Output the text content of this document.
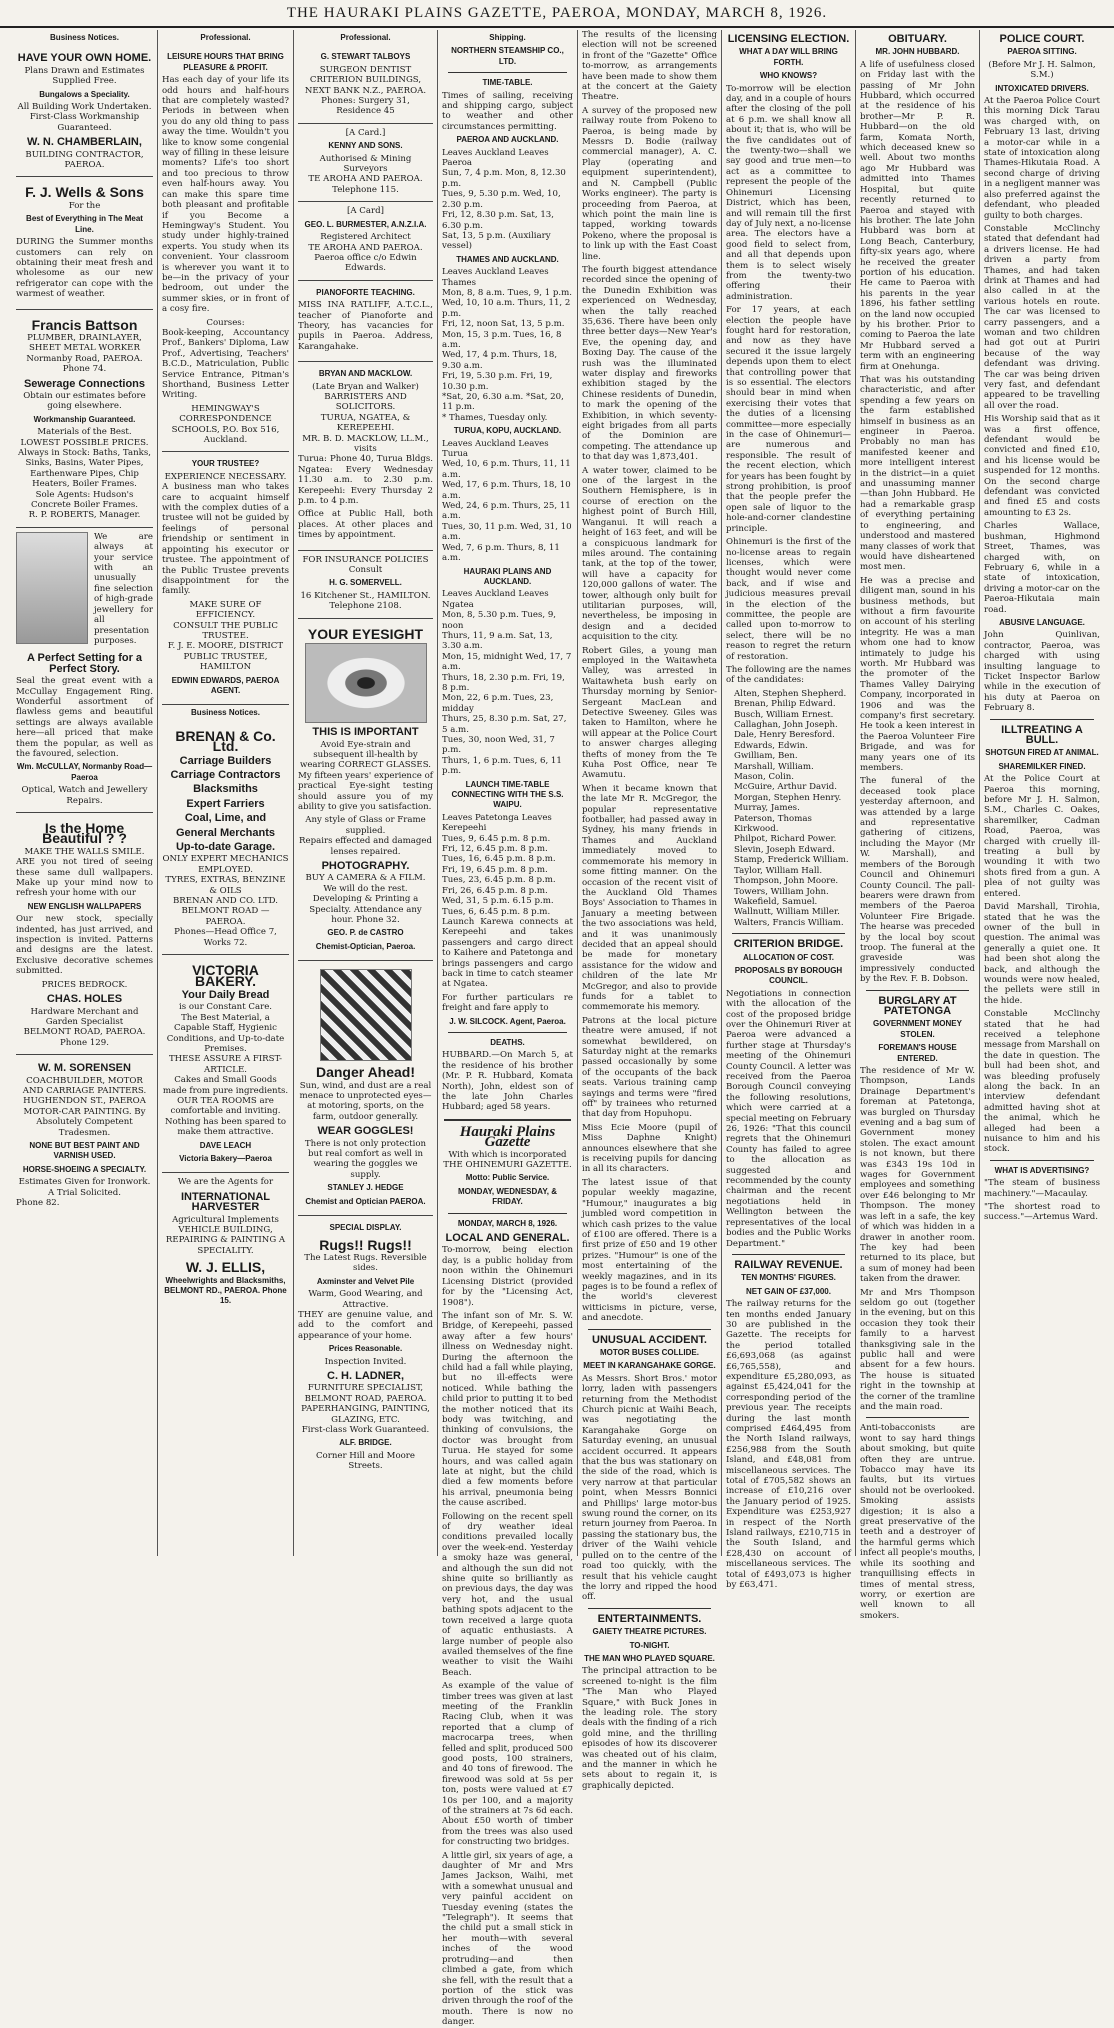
THE HAURAKI PLAINS GAZETTE, PAEROA, MONDAY, MARCH 8, 1926.
Business Notices.
HAVE YOUR OWN HOME.
Plans Drawn and Estimates Supplied Free.
Bungalows a Speciality.
All Building Work Undertaken.
First-Class Workmanship Guaranteed.
W. N. CHAMBERLAIN,
BUILDING CONTRACTOR, PAEROA.
F. J. Wells & Sons
For the
Best of Everything in The Meat Line.

DURING the Summer months customers can rely on obtaining their meat fresh and wholesome as our new refrigerator can cope with the warmest of weather.

Francis Battson
PLUMBER, DRAINLAYER, SHEET METAL WORKER
Normanby Road, PAEROA.
Phone 74.
Sewerage Connections
Obtain our estimates before going elsewhere.
Workmanship Guaranteed.
Materials of the Best.
LOWEST POSSIBLE PRICES.
Always in Stock: Baths, Tanks, Sinks, Basins, Water Pipes, Earthenware Pipes, Chip Heaters, Boiler Frames.
Sole Agents: Hudson's Concrete Boiler Frames.
R. P. ROBERTS, Manager.

We are always at your service with an unusually fine selection of high-grade jewellery for all presentation purposes.

A Perfect Setting for a Perfect Story.

Seal the great event with a McCullay Engagement Ring. Wonderful assortment of flawless gems and beautiful settings are always available here—all priced that make them the popular, as well as the favoured, selection.

Wm. McCULLAY, Normanby Road—Paeroa
Optical, Watch and Jewellery Repairs.
Is the Home Beautiful ? ?
MAKE THE WALLS SMILE.

ARE you not tired of seeing these same dull wallpapers. Make up your mind now to refresh your home with our

NEW ENGLISH WALLPAPERS

Our new stock, specially indented, has just arrived, and inspection is invited. Patterns and designs are the latest. Exclusive decorative schemes submitted.

PRICES BEDROCK.
CHAS. HOLES
Hardware Merchant and Garden Specialist
BELMONT ROAD, PAEROA. Phone 129.
W. M. SORENSEN
COACHBUILDER, MOTOR AND CARRIAGE PAINTERS. HUGHENDON ST., PAEROA
MOTOR-CAR PAINTING. By Absolutely Competent Tradesmen.
NONE BUT BEST PAINT AND VARNISH USED.
HORSE-SHOEING A SPECIALTY.
Estimates Given for Ironwork.
A Trial Solicited.
Phone 82.
Professional.
LEISURE HOURS THAT BRING PLEASURE & PROFIT.

Has each day of your life its odd hours and half-hours that are completely wasted? Periods in between when you do any old thing to pass away the time. Wouldn't you like to know some congenial way of filling in these leisure moments? Life's too short and too precious to throw even half-hours away. You can make this spare time both pleasant and profitable if you Become a Hemingway's Student. You study under highly-trained experts. You study when its convenient. Your classroom is wherever you want it to be—in the privacy of your bedroom, out under the summer skies, or in front of a cosy fire.

Courses:

Book-keeping, Accountancy Prof., Bankers' Diploma, Law Prof., Advertising, Teachers' B.C.D., Matriculation, Public Service Entrance, Pitman's Shorthand, Business Letter Writing.

HEMINGWAY'S CORRESPONDENCE SCHOOLS, P.O. Box 516, Auckland.
YOUR TRUSTEE?
EXPERIENCE NECESSARY.

A business man who takes care to acquaint himself with the complex duties of a trustee will not be guided by feelings of personal friendship or sentiment in appointing his executor or trustee. The appointment of the Public Trustee prevents disappointment for the family.

MAKE SURE OF EFFICIENCY.
CONSULT THE PUBLIC TRUSTEE.
F. J. E. MOORE, DISTRICT PUBLIC TRUSTEE, HAMILTON
EDWIN EDWARDS, PAEROA AGENT.
Business Notices.
BRENAN & Co. Ltd.
Carriage Builders
Carriage Contractors
Blacksmiths
Expert Farriers
Coal, Lime, and
General Merchants
Up-to-date Garage.
ONLY EXPERT MECHANICS EMPLOYED.
TYRES, EXTRAS, BENZINE & OILS
BRENAN AND CO. LTD. BELMONT ROAD — PAEROA.
Phones—Head Office 7, Works 72.
VICTORIA BAKERY.
Your Daily Bread
is our Constant Care.
The Best Material, a Capable Staff, Hygienic Conditions, and Up-to-date Premises.
THESE ASSURE A FIRST-ARTICLE.
Cakes and Small Goods made from pure ingredients.
OUR TEA ROOMS are comfortable and inviting. Nothing has been spared to make them attractive.
DAVE LEACH
Victoria Bakery—Paeroa
We are the Agents for
INTERNATIONAL HARVESTER
Agricultural Implements
VEHICLE BUILDING, REPAIRING & PAINTING A SPECIALITY.
W. J. ELLIS,
Wheelwrights and Blacksmiths, BELMONT RD., PAEROA. Phone 15.
Professional.
G. STEWART TALBOYS
SURGEON DENTIST
CRITERION BUILDINGS, NEXT BANK N.Z., PAEROA.
Phones: Surgery 31, Residence 45
[A Card.]
KENNY AND SONS.
Authorised & Mining Surveyors
TE AROHA AND PAEROA.
Telephone 115.
[A Card]
GEO. L. BURMESTER, A.N.Z.I.A.
Registered Architect
TE AROHA AND PAEROA.
Paeroa office c/o Edwin Edwards.
PIANOFORTE TEACHING.

MISS INA RATLIFF, A.T.C.L., teacher of Pianoforte and Theory, has vacancies for pupils in Paeroa. Address, Karangahake.

BRYAN AND MACKLOW.
(Late Bryan and Walker)
BARRISTERS AND SOLICITORS.
TURUA, NGATEA, & KEREPEEHI.
MR. B. D. MACKLOW, LL.M., visits

Turua: Phone 40, Turua Bldgs. Ngatea: Every Wednesday 11.30 a.m. to 2.30 p.m. Kerepeehi: Every Thursday 2 p.m. to 4 p.m.

Office at Public Hall, both places. At other places and times by appointment.

FOR INSURANCE POLICIES Consult
H. G. SOMERVELL.
16 Kitchener St., HAMILTON.
Telephone 2108.
YOUR EYESIGHT
THIS IS IMPORTANT
Avoid Eye-strain and subsequent ill-health by wearing CORRECT GLASSES.

My fifteen years' experience of practical Eye-sight testing should assure you of my ability to give you satisfaction.

Any style of Glass or Frame supplied.
Repairs effected and damaged lenses repaired.
PHOTOGRAPHY.
BUY A CAMERA & A FILM. We will do the rest. Developing & Printing a Specialty. Attendance any hour. Phone 32.
GEO. P. de CASTRO
Chemist-Optician, Paeroa.
Danger Ahead!
Sun, wind, and dust are a real menace to unprotected eyes—at motoring, sports, on the farm, outdoor generally.
WEAR GOGGLES!
There is not only protection but real comfort as well in wearing the goggles we supply.
STANLEY J. HEDGE
Chemist and Optician PAEROA.
SPECIAL DISPLAY.
Rugs!! Rugs!!
The Latest Rugs. Reversible sides.
Axminster and Velvet Pile
Warm, Good Wearing, and Attractive.

THEY are genuine value, and add to the comfort and appearance of your home.

Prices Reasonable.
Inspection Invited.
C. H. LADNER,
FURNITURE SPECIALIST, BELMONT ROAD, PAEROA.
PAPERHANGING, PAINTING, GLAZING, ETC.
First-class Work Guaranteed.
ALF. BRIDGE.
Corner Hill and Moore Streets.
Shipping.
NORTHERN STEAMSHIP CO., LTD.
TIME-TABLE.

Times of sailing, receiving and shipping cargo, subject to weather and other circumstances permitting.

PAEROA AND AUCKLAND.
Leaves Auckland Leaves Paeroa
Sun, 7, 4 p.m. Mon, 8, 12.30 p.m.
Tues, 9, 5.30 p.m. Wed, 10, 2.30 p.m.
Fri, 12, 8.30 p.m. Sat, 13, 6.30 p.m.
Sat, 13, 5 p.m. (Auxiliary vessel)
THAMES AND AUCKLAND.
Leaves Auckland Leaves Thames
Mon, 8, 8 a.m. Tues, 9, 1 p.m.
Wed, 10, 10 a.m. Thurs, 11, 2 p.m.
Fri, 12, noon Sat, 13, 5 p.m.
Mon, 15, 3 p.m. Tues, 16, 8 a.m.
Wed, 17, 4 p.m. Thurs, 18, 9.30 a.m.
Fri, 19, 5.30 p.m. Fri, 19, 10.30 p.m.
*Sat, 20, 6.30 a.m. *Sat, 20, 11 p.m.
* Thames, Tuesday only.
TURUA, KOPU, AUCKLAND.
Leaves Auckland Leaves Turua
Wed, 10, 6 p.m. Thurs, 11, 11 a.m.
Wed, 17, 6 p.m. Thurs, 18, 10 a.m.
Wed, 24, 6 p.m. Thurs, 25, 11 a.m.
Tues, 30, 11 p.m. Wed, 31, 10 a.m.
Wed, 7, 6 p.m. Thurs, 8, 11 a.m.
HAURAKI PLAINS AND AUCKLAND.
Leaves Auckland Leaves Ngatea
Mon, 8, 5.30 p.m. Tues, 9, noon
Thurs, 11, 9 a.m. Sat, 13, 3.30 a.m.
Mon, 15, midnight Wed, 17, 7 a.m.
Thurs, 18, 2.30 p.m. Fri, 19, 8 p.m.
Mon, 22, 6 p.m. Tues, 23, midday
Thurs, 25, 8.30 p.m. Sat, 27, 5 a.m.
Tues, 30, noon Wed, 31, 7 p.m.
Thurs, 1, 6 p.m. Tues, 6, 11 p.m.
LAUNCH TIME-TABLE CONNECTING WITH THE S.S. WAIPU.
Leaves Patetonga Leaves Kerepeehi
Tues, 9, 6.45 p.m. 8 p.m.
Fri, 12, 6.45 p.m. 8 p.m.
Tues, 16, 6.45 p.m. 8 p.m.
Fri, 19, 6.45 p.m. 8 p.m.
Tues, 23, 6.45 p.m. 8 p.m.
Fri, 26, 6.45 p.m. 8 p.m.
Wed, 31, 5 p.m. 6.15 p.m.
Tues, 6, 6.45 p.m. 8 p.m.

Launch Karewa connects at Kerepeehi and takes passengers and cargo direct to Kaihere and Patetonga and brings passengers and cargo back in time to catch steamer at Ngatea.

For further particulars re freight and fare apply to

J. W. SILCOCK. Agent, Paeroa.
DEATHS.

HUBBARD.—On March 5, at the residence of his brother (Mr. P. R. Hubbard, Komata North), John, eldest son of the late John Charles Hubbard; aged 58 years.

Hauraki Plains Gazette
With which is incorporated THE OHINEMURI GAZETTE.
Motto: Public Service.
MONDAY, WEDNESDAY, & FRIDAY.
MONDAY, MARCH 8, 1926.
LOCAL AND GENERAL.

To-morrow, being election day, is a public holiday from noon within the Ohinemuri Licensing District (provided for by the "Licensing Act, 1908").

The infant son of Mr. S. W. Bridge, of Kerepeehi, passed away after a few hours' illness on Wednesday night. During the afternoon the child had a fall while playing, but no ill-effects were noticed. While bathing the child prior to putting it to bed the mother noticed that its body was twitching, and thinking of convulsions, the doctor was brought from Turua. He stayed for some hours, and was called again late at night, but the child died a few moments before his arrival, pneumonia being the cause ascribed.

Following on the recent spell of dry weather ideal conditions prevailed locally over the week-end. Yesterday a smoky haze was general, and although the sun did not shine quite so brilliantly as on previous days, the day was very hot, and the usual bathing spots adjacent to the town received a large quota of aquatic enthusiasts. A large number of people also availed themselves of the fine weather to visit the Waihi Beach.

As example of the value of timber trees was given at last meeting of the Franklin Racing Club, when it was reported that a clump of macrocarpa trees, when felled and split, produced 500 good posts, 100 strainers, and 40 tons of firewood. The firewood was sold at 5s per ton, posts were valued at £7 10s per 100, and a majority of the strainers at 7s 6d each. About £50 worth of timber from the trees was also used for constructing two bridges.

A little girl, six years of age, a daughter of Mr and Mrs James Jackson, Waihi, met with a somewhat unusual and very painful accident on Tuesday evening (states the "Telegraph"). It seems that the child put a small stick in her mouth—with several inches of the wood protruding—and then climbed a gate, from which she fell, with the result that a portion of the stick was driven through the roof of the mouth. There is now no danger.

The results of the licensing election will not be screened in front of the "Gazette" Office to-morrow, as arrangements have been made to show them at the concert at the Gaiety Theatre.

A survey of the proposed new railway route from Pokeno to Paeroa, is being made by Messrs D. Bodie (railway commercial manager), A. C. Play (operating and equipment superintendent), and N. Campbell (Public Works engineer). The party is proceeding from Paeroa, at which point the main line is tapped, working towards Pokeno, where the proposal is to link up with the East Coast line.

The fourth biggest attendance recorded since the opening of the Dunedin Exhibition was experienced on Wednesday, when the tally reached 35,636. There have been only three better days—New Year's Eve, the opening day, and Boxing Day. The cause of the rush was the illuminated water display and fireworks exhibition staged by the Chinese residents of Dunedin, to mark the opening of the Exhibition, in which seventy-eight brigades from all parts of the Dominion are competing. The attendance up to that day was 1,873,401.

A water tower, claimed to be one of the largest in the Southern Hemisphere, is in course of erection on the highest point of Burch Hill, Wanganui. It will reach a height of 163 feet, and will be a conspicuous landmark for miles around. The containing tank, at the top of the tower, will have a capacity for 120,000 gallons of water. The tower, although only built for utilitarian purposes, will, nevertheless, be imposing in design and a decided acquisition to the city.

Robert Giles, a young man employed in the Waitawheta Valley, was arrested in Waitawheta bush early on Thursday morning by Senior-Sergeant MacLean and Detective Sweeney. Giles was taken to Hamilton, where he will appear at the Police Court to answer charges alleging thefts of money from the Te Kuha Post Office, near Te Awamutu.

When it became known that the late Mr R. McGregor, the popular representative footballer, had passed away in Sydney, his many friends in Thames and Auckland immediately moved to commemorate his memory in some fitting manner. On the occasion of the recent visit of the Auckland Old Thames Boys' Association to Thames in January a meeting between the two associations was held, and it was unanimously decided that an appeal should be made for monetary assistance for the widow and children of the late Mr McGregor, and also to provide funds for a tablet to commemorate his memory.

Patrons at the local picture theatre were amused, if not somewhat bewildered, on Saturday night at the remarks passed occasionally by some of the occupants of the back seats. Various training camp sayings and terms were "fired off" by trainees who returned that day from Hopuhopu.

Miss Ecie Moore (pupil of Miss Daphne Knight) announces elsewhere that she is receiving pupils for dancing in all its characters.

The latest issue of that popular weekly magazine, "Humour," inaugurates a big jumbled word competition in which cash prizes to the value of £100 are offered. There is a first prize of £50 and 19 other prizes. "Humour" is one of the most entertaining of the weekly magazines, and in its pages is to be found a reflex of the world's cleverest witticisms in picture, verse, and anecdote.

UNUSUAL ACCIDENT.
MOTOR BUSES COLLIDE.
MEET IN KARANGAHAKE GORGE.

As Messrs. Short Bros.' motor lorry, laden with passengers returning from the Methodist Church picnic at Waihi Beach, was negotiating the Karangahake Gorge on Saturday evening, an unusual accident occurred. It appears that the bus was stationary on the side of the road, which is very narrow at that particular point, when Messrs Bonnici and Phillips' large motor-bus swung round the corner, on its return journey from Paeroa. In passing the stationary bus, the driver of the Waihi vehicle pulled on to the centre of the road too quickly, with the result that his vehicle caught the lorry and ripped the hood off.

ENTERTAINMENTS.
GAIETY THEATRE PICTURES.
TO-NIGHT.
THE MAN WHO PLAYED SQUARE.

The principal attraction to be screened to-night is the film "The Man who Played Square," with Buck Jones in the leading role. The story deals with the finding of a rich gold mine, and the thrilling episodes of how its discoverer was cheated out of his claim, and the manner in which he sets about to regain it, is graphically depicted.

LICENSING ELECTION.
WHAT A DAY WILL BRING FORTH.
WHO KNOWS?

To-morrow will be election day, and in a couple of hours after the closing of the poll at 6 p.m. we shall know all about it; that is, who will be the five candidates out of the twenty-two—shall we say good and true men—to act as a committee to represent the people of the Ohinemuri Licensing District, which has been, and will remain till the first day of July next, a no-license area. The electors have a good field to select from, and all that depends upon them is to select wisely from the twenty-two offering their administration.

For 17 years, at each election the people have fought hard for restoration, and now as they have secured it the issue largely depends upon them to elect that controlling power that is so essential. The electors should bear in mind when exercising their votes that the duties of a licensing committee—more especially in the case of Ohinemuri—are numerous and responsible. The result of the recent election, which for years has been fought by strong prohibition, is proof that the people prefer the open sale of liquor to the hole-and-corner clandestine principle.

Ohinemuri is the first of the no-license areas to regain licenses, which were thought would never come back, and if wise and judicious measures prevail in the election of the committee, the people are called upon to-morrow to select, there will be no reason to regret the return of restoration.

The following are the names of the candidates:

Alten, Stephen Shepherd.
Brenan, Philip Edward.
Busch, William Ernest.
Callaghan, John Joseph.
Dale, Henry Beresford.
Edwards, Edwin.
Gwilliam, Ben.
Marshall, William.
Mason, Colin.
McGuire, Arthur David.
Morgan, Stephen Henry.
Murray, James.
Paterson, Thomas Kirkwood.
Philpot, Richard Power.
Slevin, Joseph Edward.
Stamp, Frederick William.
Taylor, William Hall.
Thompson, John Moore.
Towers, William John.
Wakefield, Samuel.
Wallnutt, William Miller.
Walters, Francis William.
CRITERION BRIDGE.
ALLOCATION OF COST.
PROPOSALS BY BOROUGH COUNCIL.

Negotiations in connection with the allocation of the cost of the proposed bridge over the Ohinemuri River at Paeroa were advanced a further stage at Thursday's meeting of the Ohinemuri County Council. A letter was received from the Paeroa Borough Council conveying the following resolutions, which were carried at a special meeting on February 26, 1926: "That this council regrets that the Ohinemuri County has failed to agree to the allocation as suggested and recommended by the county chairman and the recent negotiations held in Wellington between the representatives of the local bodies and the Public Works Department."

RAILWAY REVENUE.
TEN MONTHS' FIGURES.
NET GAIN OF £37,000.

The railway returns for the ten months ended January 30 are published in the Gazette. The receipts for the period totalled £6,693,068 (as against £6,765,558), and expenditure £5,280,093, as against £5,424,041 for the corresponding period of the previous year. The receipts during the last month comprised £464,495 from the North Island railways, £256,988 from the South Island, and £48,081 from miscellaneous services. The total of £705,582 shows an increase of £10,216 over the January period of 1925. Expenditure was £253,927 in respect of the North Island railways, £210,715 in the South Island, and £28,430 on account of miscellaneous services. The total of £493,073 is higher by £63,471.

OBITUARY.
MR. JOHN HUBBARD.

A life of usefulness closed on Friday last with the passing of Mr John Hubbard, which occurred at the residence of his brother—Mr P. R. Hubbard—on the old farm, Komata North, which deceased knew so well. About two months ago Mr Hubbard was admitted into Thames Hospital, but quite recently returned to Paeroa and stayed with his brother. The late John Hubbard was born at Long Beach, Canterbury, fifty-six years ago, where he received the greater portion of his education. He came to Paeroa with his parents in the year 1896, his father settling on the land now occupied by his brother. Prior to coming to Paeroa the late Mr Hubbard served a term with an engineering firm at Onehunga.

That was his outstanding characteristic, and after spending a few years on the farm established himself in business as an engineer in Paeroa. Probably no man has manifested keener and more intelligent interest in the district—in a quiet and unassuming manner—than John Hubbard. He had a remarkable grasp of everything pertaining to engineering, and understood and mastered many classes of work that would have disheartened most men.

He was a precise and diligent man, sound in his business methods, but without a firm favourite on account of his sterling integrity. He was a man whom one had to know intimately to judge his worth. Mr Hubbard was the promoter of the Thames Valley Dairying Company, incorporated in 1906 and was the company's first secretary. He took a keen interest in the Paeroa Volunteer Fire Brigade, and was for many years one of its members.

The funeral of the deceased took place yesterday afternoon, and was attended by a large and representative gathering of citizens, including the Mayor (Mr W. Marshall), and members of the Borough Council and Ohinemuri County Council. The pall-bearers were drawn from members of the Paeroa Volunteer Fire Brigade. The hearse was preceded by the local boy scout troop. The funeral at the graveside was impressively conducted by the Rev. F. B. Dobson.

BURGLARY AT PATETONGA
GOVERNMENT MONEY STOLEN.
FOREMAN'S HOUSE ENTERED.

The residence of Mr W. Thompson, Lands Drainage Department's foreman at Patetonga, was burgled on Thursday evening and a bag sum of Government money stolen. The exact amount is not known, but there was £343 19s 10d in wages for Government employees and something over £46 belonging to Mr Thompson. The money was left in a safe, the key of which was hidden in a drawer in another room. The key had been returned to its place, but a sum of money had been taken from the drawer.

Mr and Mrs Thompson seldom go out (together in the evening, but on this occasion they took their family to a harvest thanksgiving sale in the public hall and were absent for a few hours. The house is situated right in the township at the corner of the tramline and the main road.

Anti-tobacconists are wont to say hard things about smoking, but quite often they are untrue. Tobacco may have its faults, but its virtues should not be overlooked. Smoking assists digestion; it is also a great preservative of the teeth and a destroyer of the harmful germs which infect all people's mouths, while its soothing and tranquillising effects in times of mental stress, worry, or exertion are well known to all smokers.

POLICE COURT.
PAEROA SITTING.
(Before Mr J. H. Salmon, S.M.)
INTOXICATED DRIVERS.

At the Paeroa Police Court this morning Dick Tarau was charged with, on February 13 last, driving a motor-car while in a state of intoxication along Thames-Hikutaia Road. A second charge of driving in a negligent manner was also preferred against the defendant, who pleaded guilty to both charges.

Constable McClinchy stated that defendant had a drivers license. He had driven a party from Thames, and had taken drink at Thames and had also called in at the various hotels en route. The car was licensed to carry passengers, and a woman and two children had got out at Puriri because of the way defendant was driving. The car was being driven very fast, and defendant appeared to be travelling all over the road.

His Worship said that as it was a first offence, defendant would be convicted and fined £10, and his license would be suspended for 12 months. On the second charge defendant was convicted and fined £5 and costs amounting to £3 2s.

Charles Wallace, bushman, Highmond Street, Thames, was charged with, on February 6, while in a state of intoxication, driving a motor-car on the Paeroa-Hikutaia main road.

ABUSIVE LANGUAGE.

John Quinlivan, contractor, Paeroa, was charged with using insulting language to Ticket Inspector Barlow while in the execution of his duty at Paeroa on February 8.

ILLTREATING A BULL.
SHOTGUN FIRED AT ANIMAL.
SHAREMILKER FINED.

At the Police Court at Paeroa this morning, before Mr J. H. Salmon, S.M., Charles C. Oakes, sharemilker, Cadman Road, Paeroa, was charged with cruelly ill-treating a bull by wounding it with two shots fired from a gun. A plea of not guilty was entered.

David Marshall, Tirohia, stated that he was the owner of the bull in question. The animal was generally a quiet one. It had been shot along the back, and although the wounds were now healed, the pellets were still in the hide.

Constable McClinchy stated that he had received a telephone message from Marshall on the date in question. The bull had been shot, and was bleeding profusely along the back. In an interview defendant admitted having shot at the animal, which he alleged had been a nuisance to him and his stock.

WHAT IS ADVERTISING?

"The steam of business machinery."—Macaulay.

"The shortest road to success."—Artemus Ward.
